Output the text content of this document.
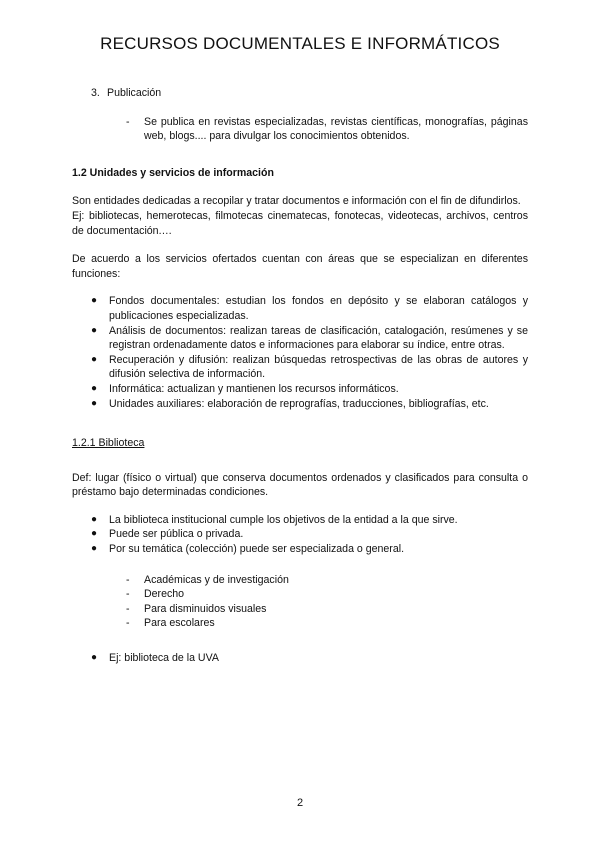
RECURSOS DOCUMENTALES E INFORMÁTICOS
3. Publicación
-	Se publica en revistas especializadas, revistas científicas, monografías, páginas web, blogs.... para divulgar los conocimientos obtenidos.
1.2 Unidades y servicios de información

Son entidades dedicadas a recopilar y tratar documentos e información con el fin de difundirlos.

Ej: bibliotecas, hemerotecas, filmotecas cinematecas, fonotecas, videotecas, archivos, centros de documentación.…

De acuerdo a los servicios ofertados cuentan con áreas que se especializan en diferentes funciones:
●	Fondos documentales: estudian los fondos en depósito y se elaboran catálogos y publicaciones especializadas.
●	Análisis de documentos: realizan tareas de clasificación, catalogación, resúmenes y se registran ordenadamente datos e informaciones para elaborar su índice, entre otras.
●	Recuperación y difusión: realizan búsquedas retrospectivas de las obras de autores y difusión selectiva de información.
●	Informática: actualizan y mantienen los recursos informáticos.
●	Unidades auxiliares: elaboración de reprografías, traducciones, bibliografías, etc.
1.2.1 Biblioteca
Def: lugar (físico o virtual) que conserva documentos ordenados y clasificados para consulta o préstamo bajo determinadas condiciones.
●	La biblioteca institucional cumple los objetivos de la entidad a la que sirve.
●	Puede ser pública o privada.
●	Por su temática (colección) puede ser especializada o general.
-	Académicas y de investigación
-	Derecho
-	Para disminuidos visuales
-	Para escolares
●	Ej: biblioteca de la UVA
2
